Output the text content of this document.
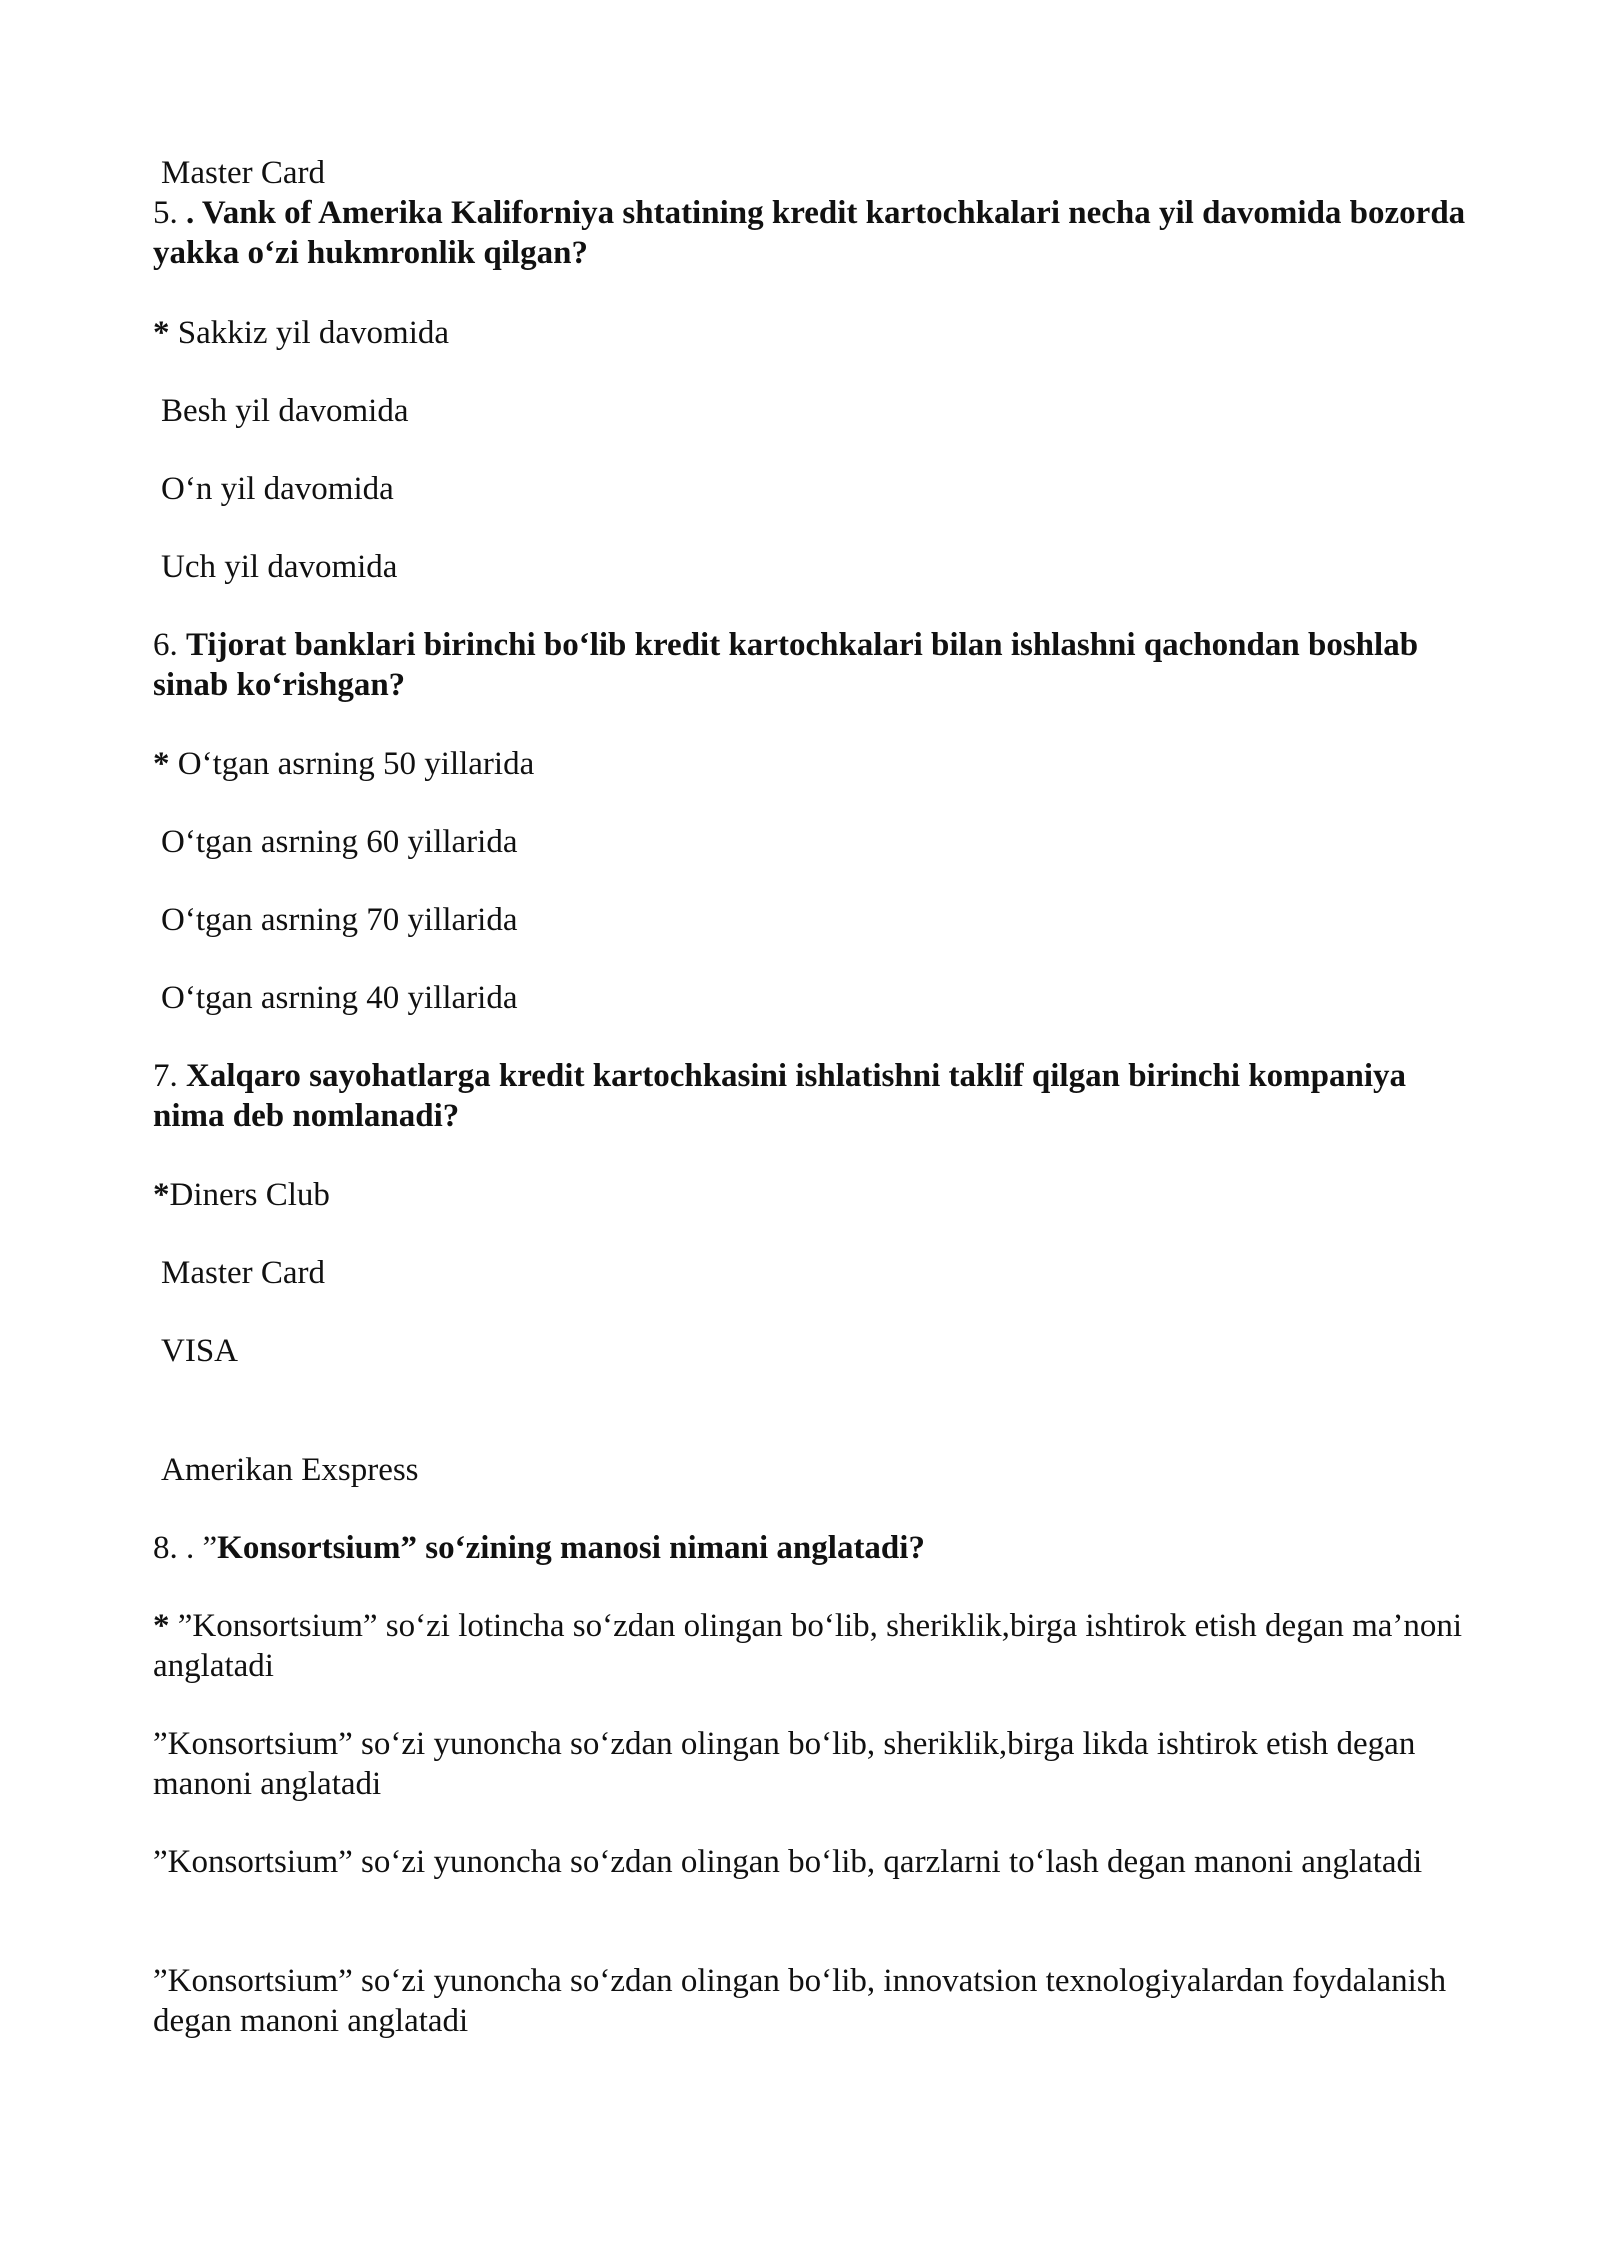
Master Card

5. . Vank of Amerika Kaliforniya shtatining kredit kartochkalari necha yil davomida bozorda yakka o‘zi hukmronlik qilgan?

* Sakkiz yil davomida

Besh yil davomida

O‘n yil davomida

Uch yil davomida

6. Tijorat banklari birinchi bo‘lib kredit kartochkalari bilan ishlashni qachondan boshlab sinab ko‘rishgan?

* O‘tgan asrning 50 yillarida

O‘tgan asrning 60 yillarida

O‘tgan asrning 70 yillarida

O‘tgan asrning 40 yillarida

7. Xalqaro sayohatlarga kredit kartochkasini ishlatishni taklif qilgan birinchi kompaniya nima deb nomlanadi?

*Diners Club

Master Card

VISA

Amerikan Exspress

8. . ”Konsortsium” so‘zining manosi nimani anglatadi?

* ”Konsortsium” so‘zi lotincha so‘zdan olingan bo‘lib, sheriklik,birga ishtirok etish degan ma’noni anglatadi

”Konsortsium” so‘zi yunoncha so‘zdan olingan bo‘lib, sheriklik,birga likda ishtirok etish degan manoni anglatadi

”Konsortsium” so‘zi yunoncha so‘zdan olingan bo‘lib, qarzlarni to‘lash degan manoni anglatadi

”Konsortsium” so‘zi yunoncha so‘zdan olingan bo‘lib, innovatsion texnologiyalardan foydalanish degan manoni anglatadi
